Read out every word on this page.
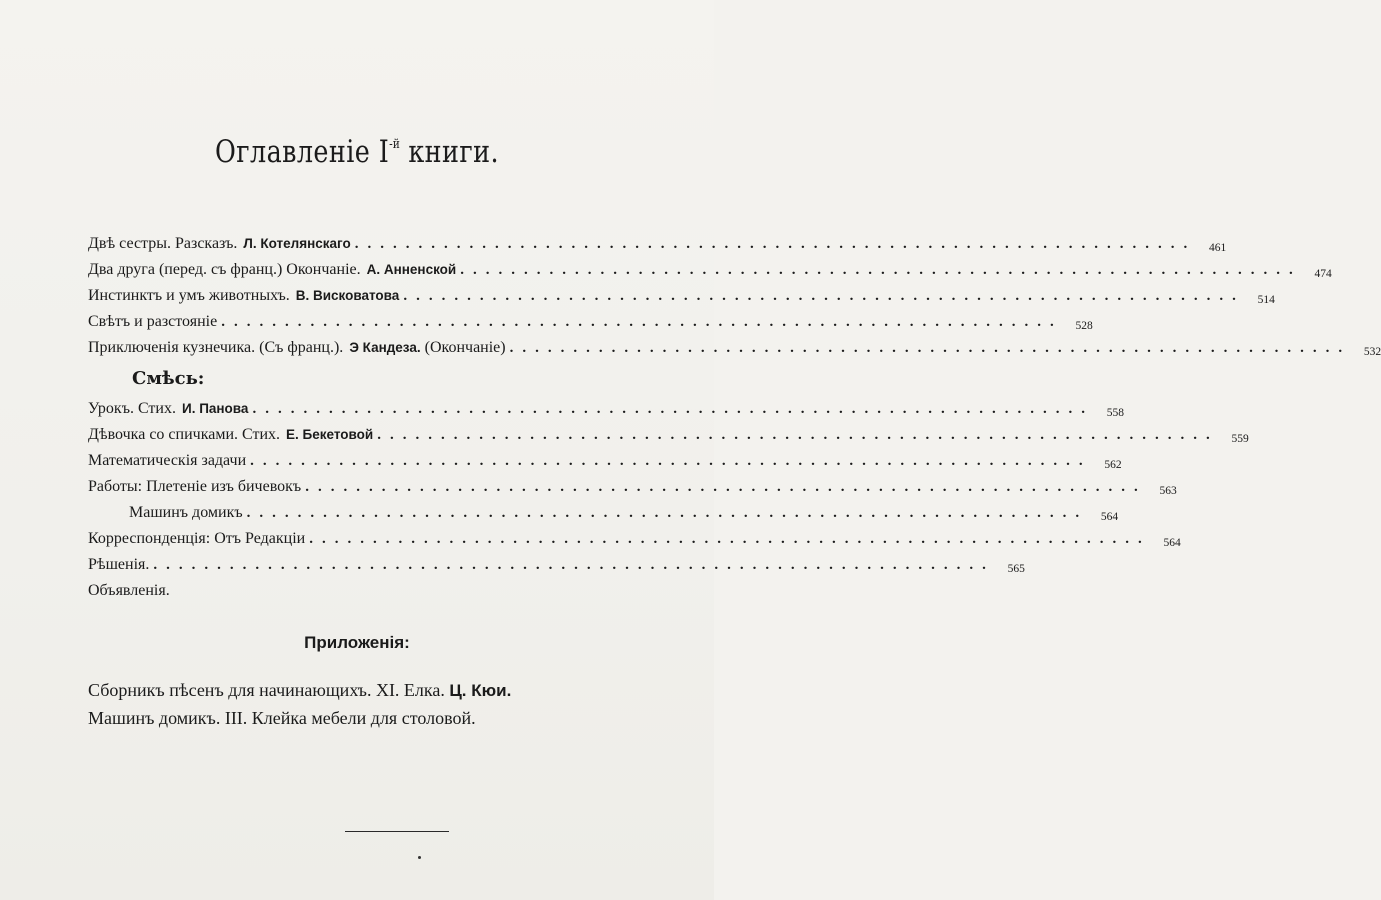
Оглавленіе $I^{-й}$ книги.
Двѣ сестры. Разсказъ. Л. Котелянскаго ..................................................................	461
Два друга (перед. съ франц.) Окончаніе. А. Анненской ..................................................................	474
Инстинктъ и умъ животныхъ. В. Висковатова ..................................................................	514
Свѣтъ и разстояніе ..................................................................	528
Приключенія кузнечика. (Съ франц.). Э Кандеза. (Окончаніе) ..................................................................	532
Смѣсь:
Урокъ. Стих. И. Панова ..................................................................	558
Дѣвочка со спичками. Стих. Е. Бекетовой ..................................................................	559
Математическія задачи ..................................................................	562
Работы: Плетеніе изъ бичевокъ ..................................................................	563
Машинъ домикъ ..................................................................	564
Корреспонденція: Отъ Редакціи ..................................................................	564
Рѣшенія. ..................................................................	565
Объявленія.
Приложенія:
Сборникъ пѣсенъ для начинающихъ. XI. Елка. Ц. Кюи.
Машинъ домикъ. III. Клейка мебели для столовой.
